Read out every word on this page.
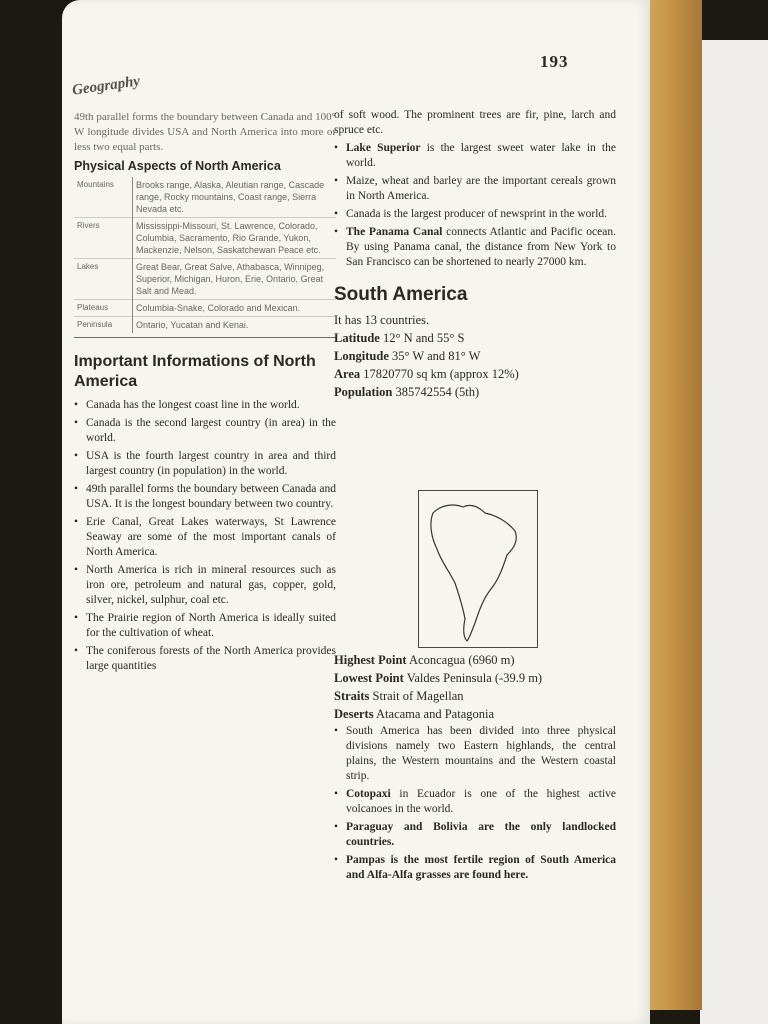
Geography
193

49th parallel forms the boundary between Canada and 100° W longitude divides USA and North America into more or less two equal parts.

Physical Aspects of North America

Mountains	Brooks range, Alaska, Aleutian range, Cascade range, Rocky mountains, Coast range, Sierra Nevada etc.
Rivers	Mississippi-Missouri, St. Lawrence, Colorado, Columbia, Sacramento, Rio Grande, Yukon, Mackenzie, Nelson, Saskatchewan Peace etc.
Lakes	Great Bear, Great Salve, Athabasca, Winnipeg, Superior, Michigan, Huron, Erie, Ontario, Great Salt and Mead.
Plateaus	Columbia-Snake, Colorado and Mexican.
Peninsula	Ontario, Yucatan and Kenai.

Important Informations of North America

• Canada has the longest coast line in the world.

• Canada is the second largest country (in area) in the world.

• USA is the fourth largest country in area and third largest country (in population) in the world.

• 49th parallel forms the boundary between Canada and USA. It is the longest boundary between two country.

• Erie Canal, Great Lakes waterways, St Lawrence Seaway are some of the most important canals of North America.

• North America is rich in mineral resources such as iron ore, petroleum and natural gas, copper, gold, silver, nickel, sulphur, coal etc.

• The Prairie region of North America is ideally suited for the cultivation of wheat.

• The coniferous forests of the North America provides large quantities

of soft wood. The prominent trees are fir, pine, larch and spruce etc.

• Lake Superior is the largest sweet water lake in the world.

• Maize, wheat and barley are the important cereals grown in North America.

• Canada is the largest producer of newsprint in the world.

• The Panama Canal connects Atlantic and Pacific ocean. By using Panama canal, the distance from New York to San Francisco can be shortened to nearly 27000 km.

South America

It has 13 countries.

Latitude 12° N and 55° S

Longitude 35° W and 81° W

Area 17820770 sq km (approx 12%)

Population 385742554 (5th)

Highest Point Aconcagua (6960 m)

Lowest Point Valdes Peninsula (-39.9 m)

Straits Strait of Magellan

Deserts Atacama and Patagonia

• South America has been divided into three physical divisions namely two Eastern highlands, the central plains, the Western mountains and the Western coastal strip.

• Cotopaxi in Ecuador is one of the highest active volcanoes in the world.

• Paraguay and Bolivia are the only landlocked countries.

• Pampas is the most fertile region of South America and Alfa-Alfa grasses are found here.
